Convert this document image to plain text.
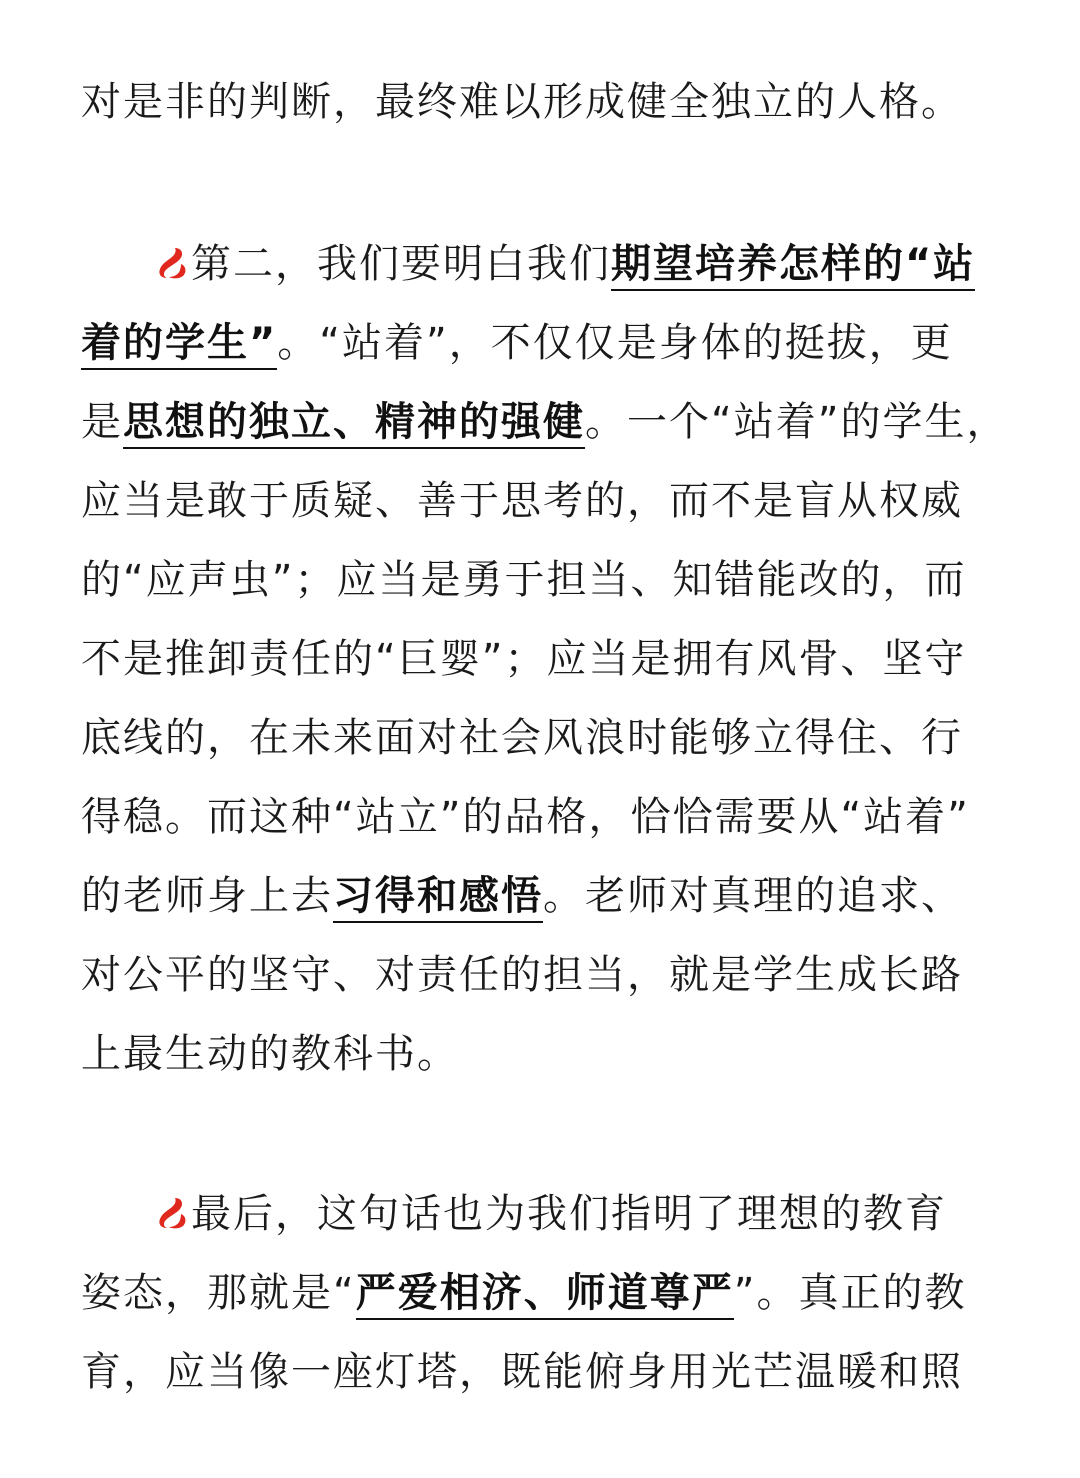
对是非的判断，最终难以形成健全独立的人格。
第二，我们要明白我们期望培养怎样的“站
着的学生”。“站着”，不仅仅是身体的挺拔，更
是思想的独立、精神的强健。一个“站着”的学生，
应当是敢于质疑、善于思考的，而不是盲从权威
的“应声虫”；应当是勇于担当、知错能改的，而
不是推卸责任的“巨婴”；应当是拥有风骨、坚守
底线的，在未来面对社会风浪时能够立得住、行
得稳。而这种“站立”的品格，恰恰需要从“站着”
的老师身上去习得和感悟。老师对真理的追求、
对公平的坚守、对责任的担当，就是学生成长路
上最生动的教科书。
最后，这句话也为我们指明了理想的教育
姿态，那就是“严爱相济、师道尊严”。真正的教
育，应当像一座灯塔，既能俯身用光芒温暖和照
